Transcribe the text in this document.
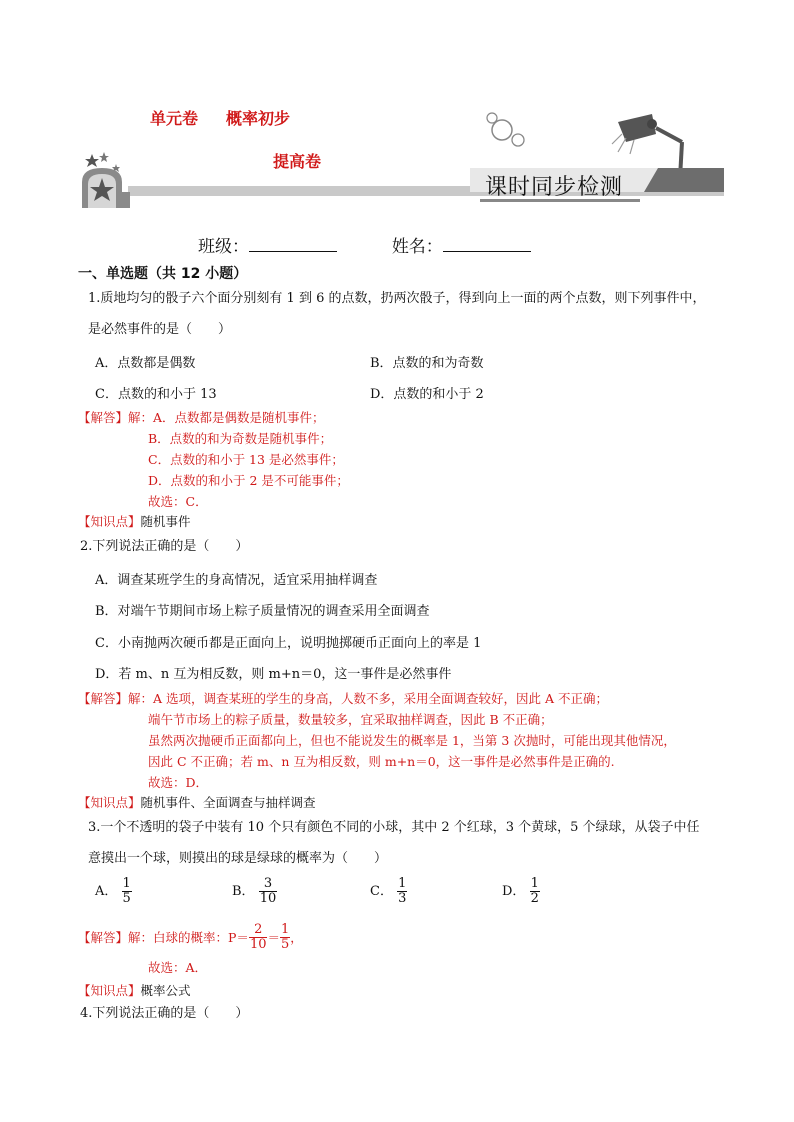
单元卷 概率初步
提高卷
课时同步检测
班级：	姓名：
一、单选题（共 12 小题）
1.质地均匀的骰子六个面分别刻有 1 到 6 的点数，扔两次骰子，得到向上一面的两个点数，则下列事件中，
是必然事件的是（　　）
A．点数都是偶数	B．点数的和为奇数
C．点数的和小于 13	D．点数的和小于 2
【解答】解：A．点数都是偶数是随机事件；
B．点数的和为奇数是随机事件；
C．点数的和小于 13 是必然事件；
D．点数的和小于 2 是不可能事件；
故选：C．
【知识点】随机事件
2.下列说法正确的是（　　）
A．调查某班学生的身高情况，适宜采用抽样调查
B．对端午节期间市场上粽子质量情况的调查采用全面调查
C．小南抛两次硬币都是正面向上，说明抛掷硬币正面向上的率是 1
D．若 m、n 互为相反数，则 m+n＝0，这一事件是必然事件
【解答】解：A 选项，调查某班的学生的身高，人数不多，采用全面调查较好，因此 A 不正确；
端午节市场上的粽子质量，数量较多，宜采取抽样调查，因此 B 不正确；
虽然两次抛硬币正面都向上，但也不能说发生的概率是 1，当第 3 次抛时，可能出现其他情况，
因此 C 不正确；若 m、n 互为相反数，则 m+n＝0，这一事件是必然事件是正确的.
故选：D．
【知识点】随机事件、全面调查与抽样调查
3.一个不透明的袋子中装有 10 个只有颜色不同的小球，其中 2 个红球，3 个黄球，5 个绿球，从袋子中任
意摸出一个球，则摸出的球是绿球的概率为（　　）
A． $\frac{1}{5}$	B． $\frac{3}{10}$	C． $\frac{1}{3}$	D． $\frac{1}{2}$
【解答】 解：白球的概率：$P= \frac{2}{10} = \frac{1}{5}$ ，
故选：A．
【知识点】概率公式
4.下列说法正确的是（　　）
